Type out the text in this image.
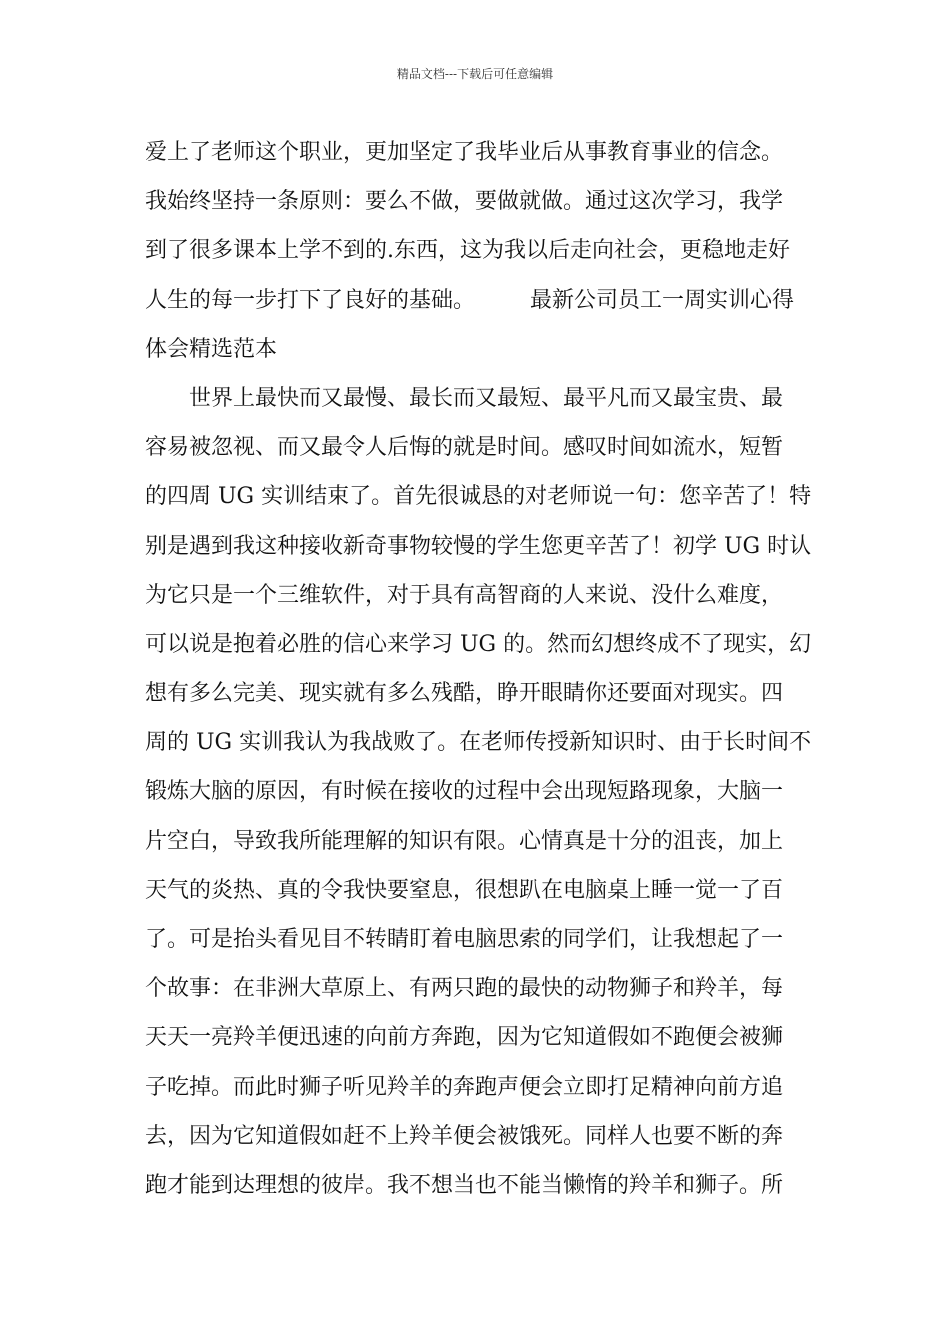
精品文档---下载后可任意编辑
爱上了老师这个职业，更加坚定了我毕业后从事教育事业的信念。
我始终坚持一条原则：要么不做，要做就做。通过这次学习，我学
到了很多课本上学不到的.东西，这为我以后走向社会，更稳地走好
人生的每一步打下了良好的基础。　　　最新公司员工一周实训心得
体会精选范本
世界上最快而又最慢、最长而又最短、最平凡而又最宝贵、最
容易被忽视、而又最令人后悔的就是时间。感叹时间如流水，短暂
的四周 UG 实训结束了。首先很诚恳的对老师说一句：您辛苦了！特
别是遇到我这种接收新奇事物较慢的学生您更辛苦了！初学 UG 时认
为它只是一个三维软件，对于具有高智商的人来说、没什么难度，
可以说是抱着必胜的信心来学习 UG 的。然而幻想终成不了现实，幻
想有多么完美、现实就有多么残酷，睁开眼睛你还要面对现实。四
周的 UG 实训我认为我战败了。在老师传授新知识时、由于长时间不
锻炼大脑的原因，有时候在接收的过程中会出现短路现象，大脑一
片空白，导致我所能理解的知识有限。心情真是十分的沮丧，加上
天气的炎热、真的令我快要窒息，很想趴在电脑桌上睡一觉一了百
了。可是抬头看见目不转睛盯着电脑思索的同学们，让我想起了一
个故事：在非洲大草原上、有两只跑的最快的动物狮子和羚羊，每
天天一亮羚羊便迅速的向前方奔跑，因为它知道假如不跑便会被狮
子吃掉。而此时狮子听见羚羊的奔跑声便会立即打足精神向前方追
去，因为它知道假如赶不上羚羊便会被饿死。同样人也要不断的奔
跑才能到达理想的彼岸。我不想当也不能当懒惰的羚羊和狮子。所
